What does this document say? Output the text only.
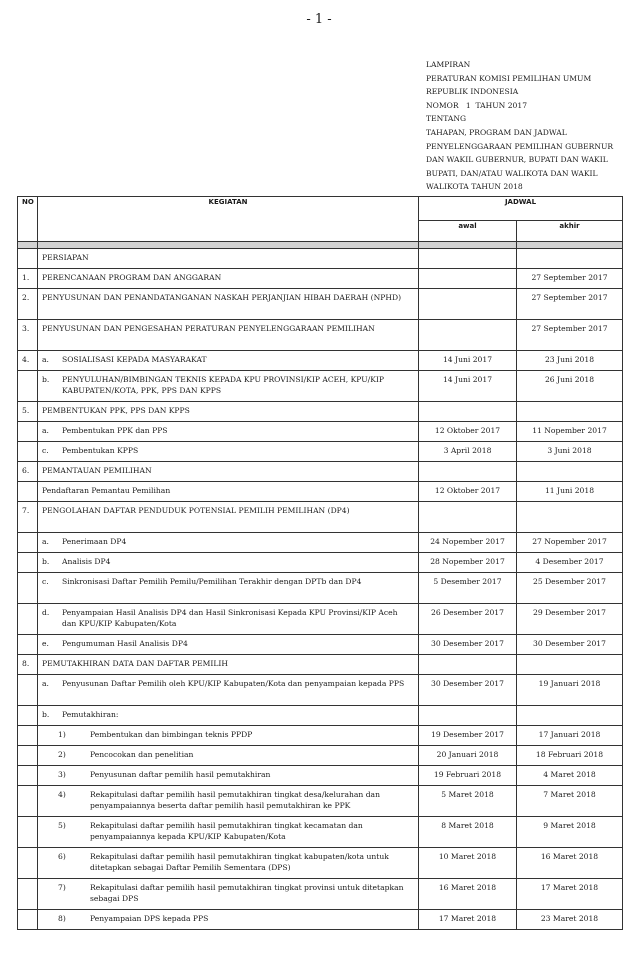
- 1 -
LAMPIRAN
PERATURAN KOMISI PEMILIHAN UMUM
REPUBLIK INDONESIA
NOMOR   1  TAHUN 2017
TENTANG
TAHAPAN, PROGRAM DAN JADWAL
PENYELENGGARAAN PEMILIHAN GUBERNUR
DAN WAKIL GUBERNUR, BUPATI DAN WAKIL
BUPATI, DAN/ATAU WALIKOTA DAN WAKIL
WALIKOTA TAHUN 2018
NO	KEGIATAN	JADWAL	
		awal	akhir

	PERSIAPAN		

1.	PERENCANAAN PROGRAM DAN ANGGARAN		27 September 2017
2.	PENYUSUNAN DAN PENANDATANGANAN NASKAH PERJANJIAN HIBAH DAERAH (NPHD)		27 September 2017
3.	PENYUSUNAN DAN PENGESAHAN PERATURAN PENYELENGGARAAN PEMILIHAN		27 September 2017
4.	a. SOSIALISASI KEPADA MASYARAKAT	14 Juni 2017	23 Juni 2018

	b. PENYULUHAN/BIMBINGAN TEKNIS KEPADA KPU PROVINSI/KIP ACEH, KPU/KIP KABUPATEN/KOTA, PPK, PPS DAN KPPS	14 Juni 2017	26 Juni 2018
5.	PEMBENTUKAN PPK, PPS DAN KPPS		

	a. Pembentukan PPK dan PPS	12 Oktober 2017	11 Nopember 2017

	c. Pembentukan KPPS	3 April 2018	3 Juni 2018
6.	PEMANTAUAN PEMILIHAN		

	Pendaftaran Pemantau Pemilihan	12 Oktober 2017	11 Juni 2018
7.	PENGOLAHAN DAFTAR PENDUDUK POTENSIAL PEMILIH PEMILIHAN (DP4)		

	a. Penerimaan DP4	24 Nopember 2017	27 Nopember 2017

	b. Analisis DP4	28 Nopember 2017	4 Desember 2017

	c. Sinkronisasi Daftar Pemilih Pemilu/Pemilihan Terakhir dengan DPTb dan DP4	5 Desember 2017	25 Desember 2017

	d. Penyampaian Hasil Analisis DP4 dan Hasil Sinkronisasi Kepada KPU Provinsi/KIP Aceh dan KPU/KIP Kabupaten/Kota	26 Desember 2017	29 Desember 2017

	e. Pengumuman Hasil Analisis DP4	30 Desember 2017	30 Desember 2017
8.	PEMUTAKHIRAN DATA DAN DAFTAR PEMILIH		

	a. Penyusunan Daftar Pemilih oleh KPU/KIP Kabupaten/Kota dan penyampaian kepada PPS	30 Desember 2017	19 Januari 2018

	b. Pemutakhiran:		

	1) Pembentukan dan bimbingan teknis PPDP	19 Desember 2017	17 Januari 2018

	2) Pencocokan dan penelitian	20 Januari 2018	18 Februari 2018

	3) Penyusunan daftar pemilih hasil pemutakhiran	19 Februari 2018	4 Maret 2018

	4) Rekapitulasi daftar pemilih hasil pemutakhiran tingkat desa/kelurahan dan penyampaiannya beserta daftar pemilih hasil pemutakhiran ke PPK	5 Maret 2018	7 Maret 2018

	5) Rekapitulasi daftar pemilih hasil pemutakhiran tingkat kecamatan dan penyampaiannya kepada KPU/KIP Kabupaten/Kota	8 Maret 2018	9 Maret 2018

	6) Rekapitulasi daftar pemilih hasil pemutakhiran tingkat kabupaten/kota untuk ditetapkan sebagai Daftar Pemilih Sementara (DPS)	10 Maret 2018	16 Maret 2018

	7) Rekapitulasi daftar pemilih hasil pemutakhiran tingkat provinsi untuk ditetapkan sebagai DPS	16 Maret 2018	17 Maret 2018

	8) Penyampaian DPS kepada PPS	17 Maret 2018	23 Maret 2018
